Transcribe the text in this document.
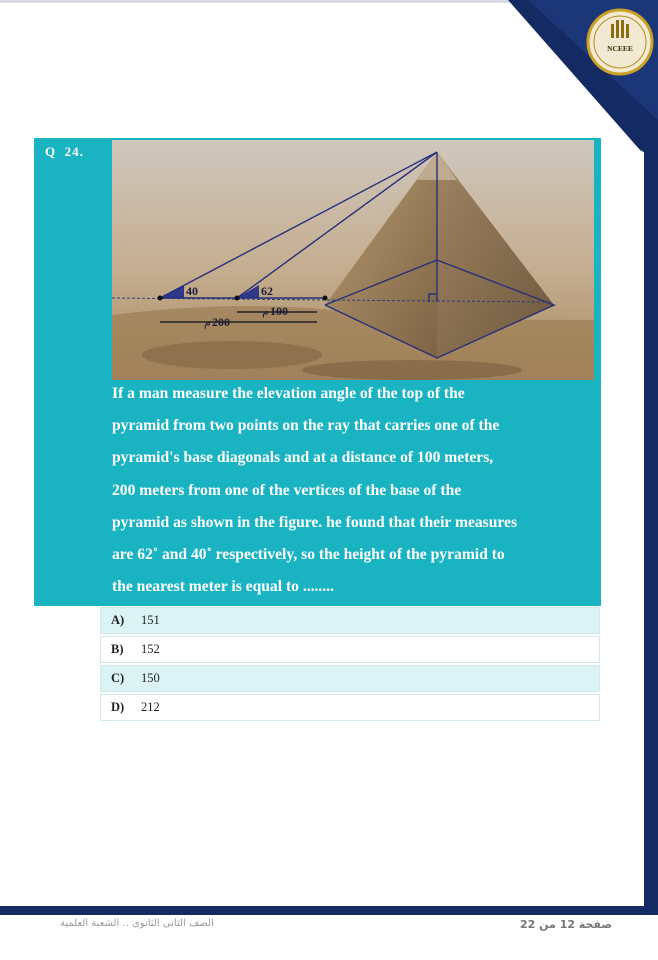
NCEEE
Q  24.
40	62
200
100
م
م

If a man measure the elevation angle of the top of the

pyramid from two points on the ray that carries one of the

pyramid's base diagonals and at a distance of 100 meters,

200 meters from one of the vertices of the base of the

pyramid as shown in the figure. he found that their measures

are 62˚ and 40˚ respectively, so the height of the pyramid to

the nearest meter is equal to ........

A)	151
B)	152
C)	150
D)	212
الصف الثانى الثانوى .. الشعبة العلمية	صفحة 12 من 22
